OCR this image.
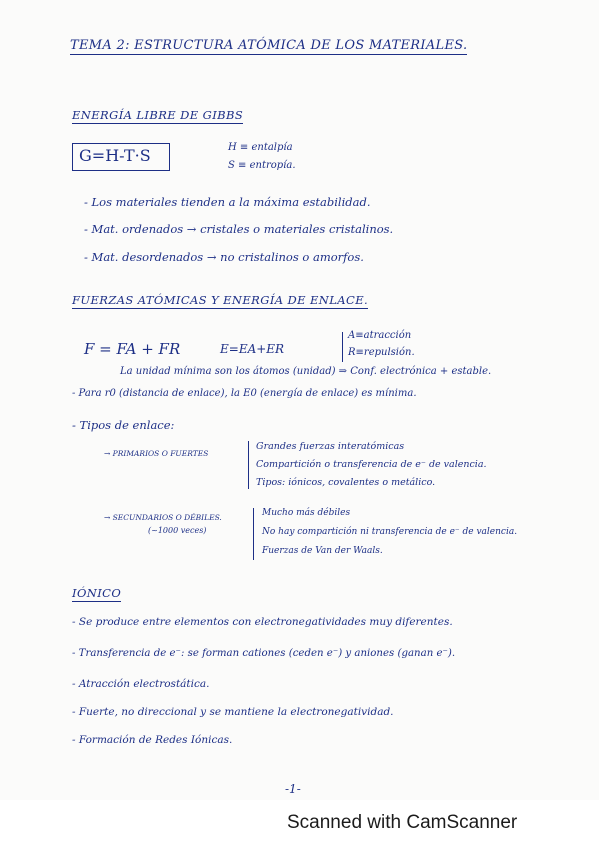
TEMA 2: ESTRUCTURA ATÓMICA DE LOS MATERIALES.
ENERGÍA LIBRE DE GIBBS
G=H-T·S	H ≡ entalpía
S ≡ entropía.
- Los materiales tienden a la máxima estabilidad.
- Mat. ordenados → cristales o materiales cristalinos.
- Mat. desordenados → no cristalinos o amorfos.
FUERZAS ATÓMICAS Y ENERGÍA DE ENLACE.
F = FA + FR	E=EA+ER
A≡atracción
R≡repulsión.
La unidad mínima son los átomos (unidad) ⇒ Conf. electrónica + estable.
- Para r0 (distancia de enlace), la E0 (energía de enlace) es mínima.
- Tipos de enlace:
→ PRIMARIOS O FUERTES
Grandes fuerzas interatómicas
Compartición o transferencia de e⁻ de valencia.
Tipos: iónicos, covalentes o metálico.
→ SECUNDARIOS O DÉBILES.
(~1000 veces)
Mucho más débiles
No hay compartición ni transferencia de e⁻ de valencia.
Fuerzas de Van der Waals.
IÓNICO
- Se produce entre elementos con electronegatividades muy diferentes.
- Transferencia de e⁻: se forman cationes (ceden e⁻) y aniones (ganan e⁻).
- Atracción electrostática.
- Fuerte, no direccional y se mantiene la electronegatividad.
- Formación de Redes Iónicas.
-1-
Scanned with CamScanner
